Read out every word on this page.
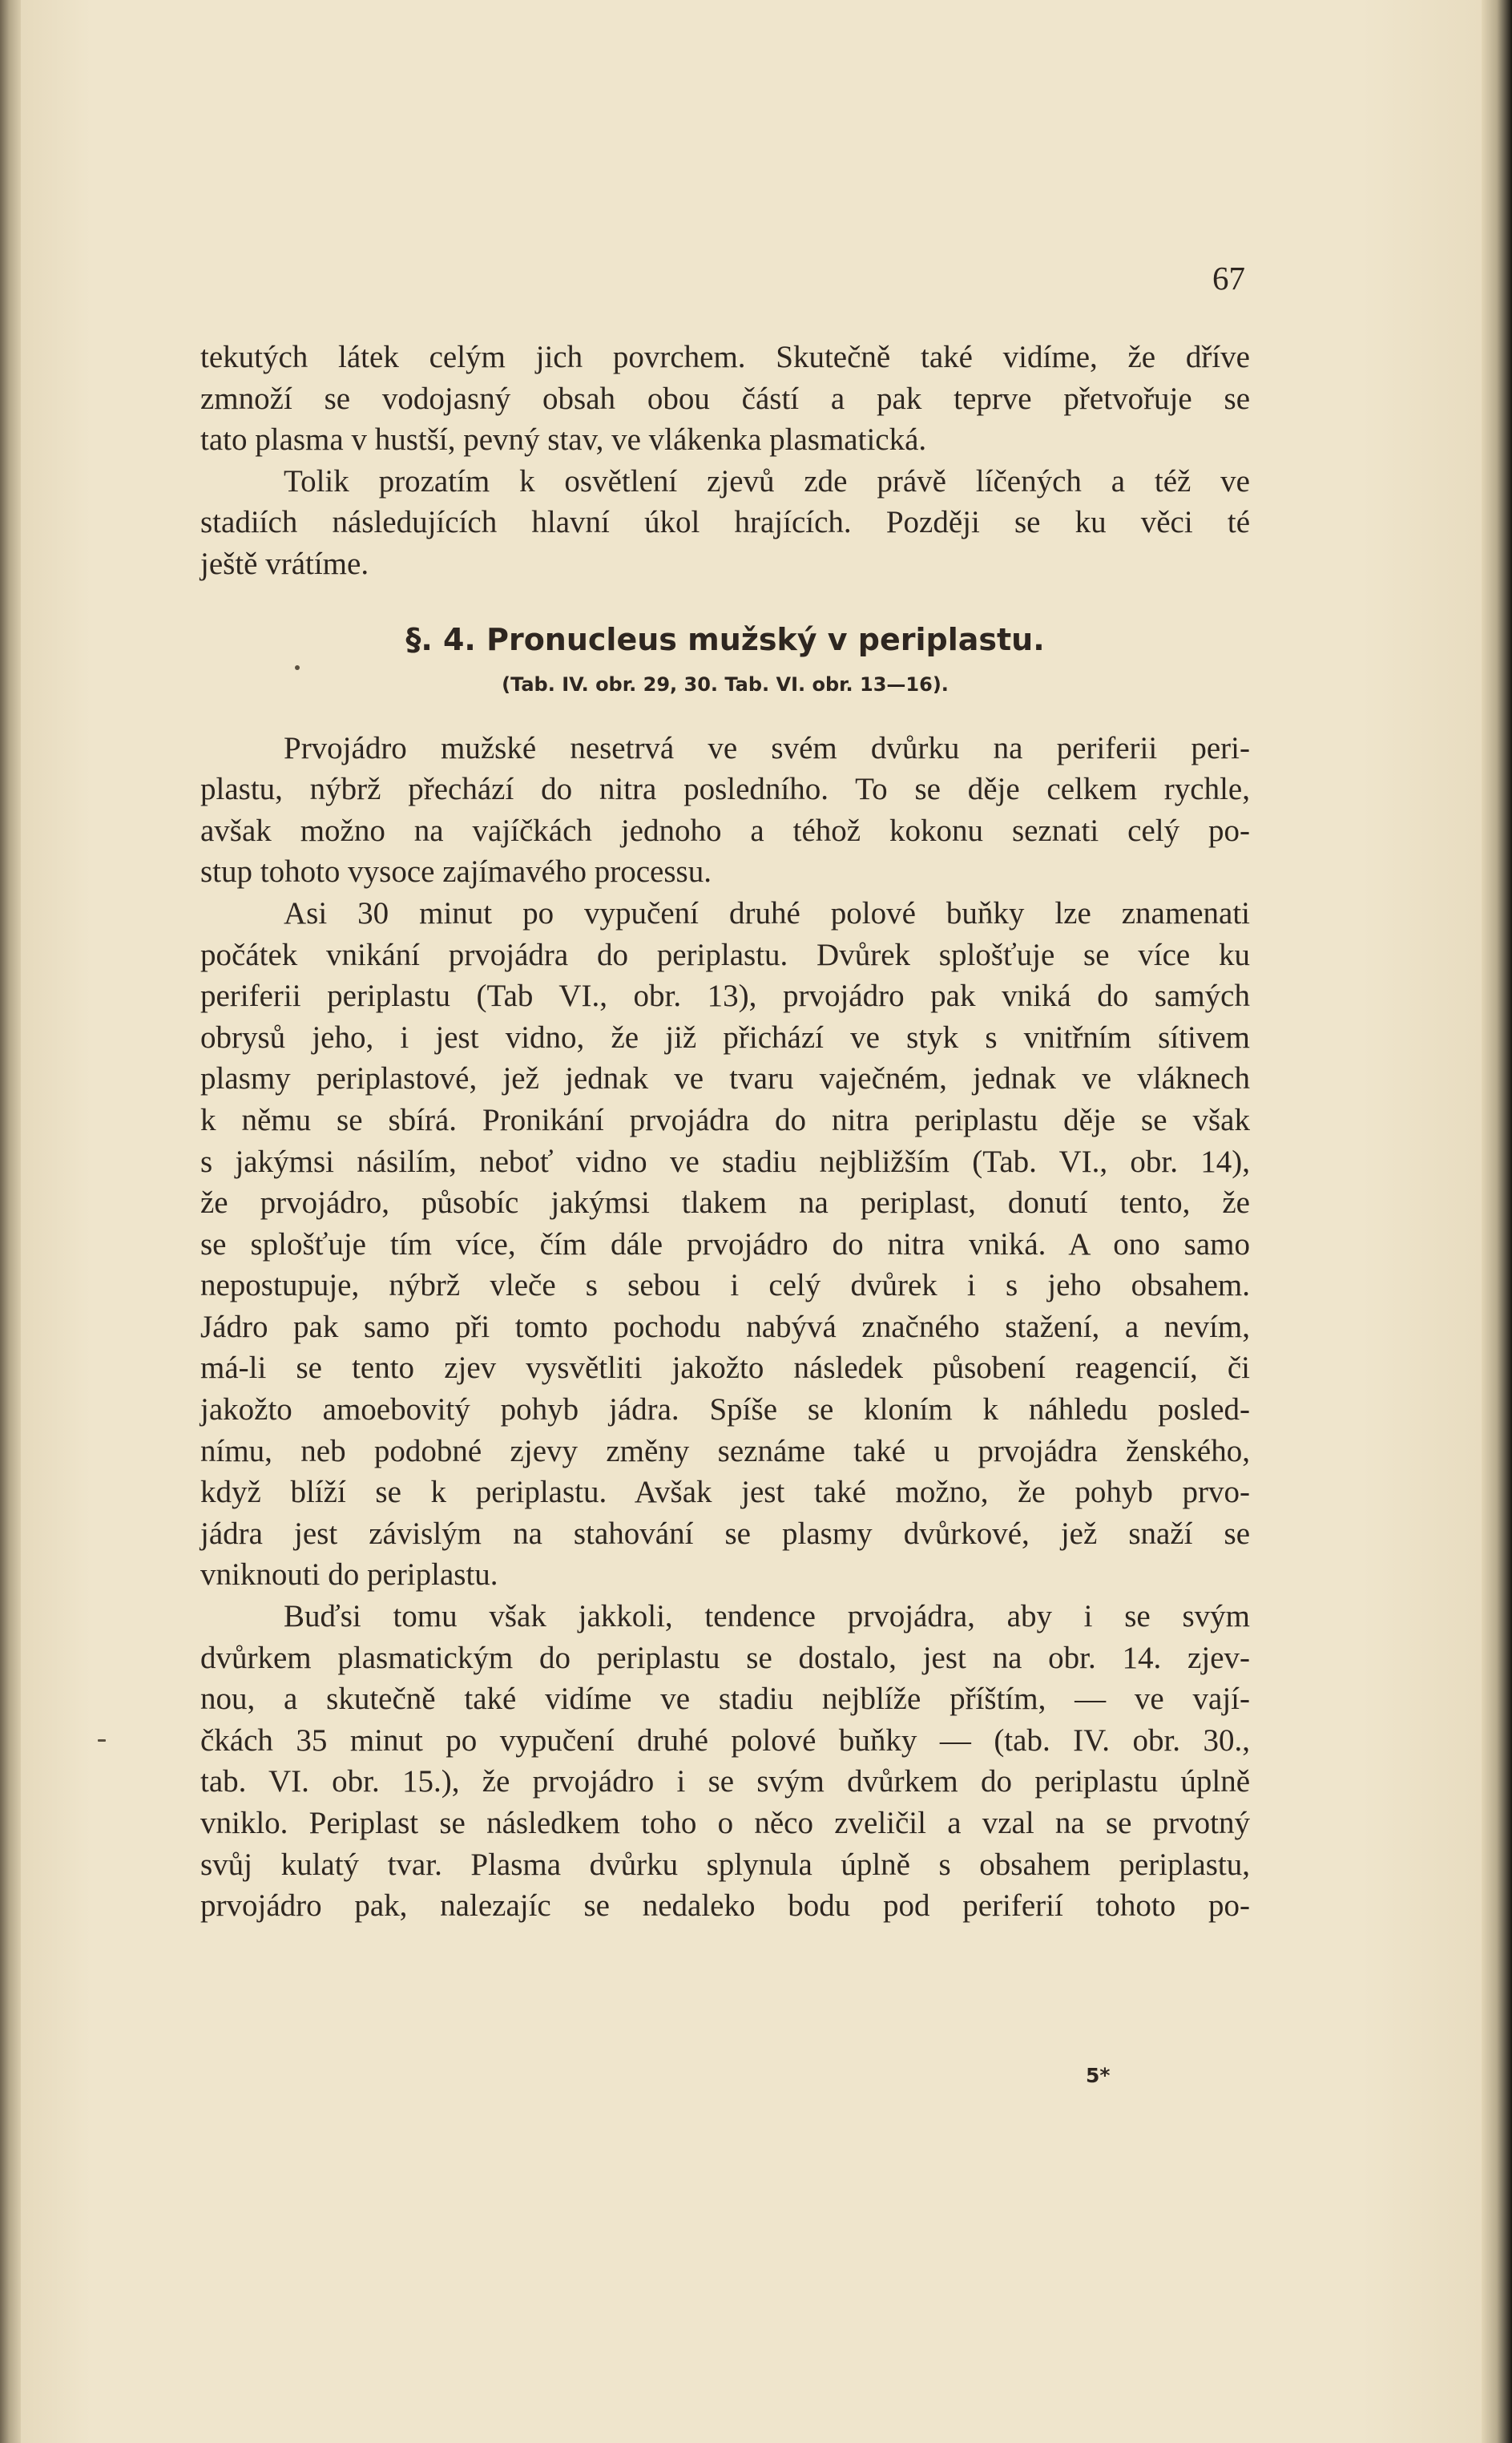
67
tekutých látek celým jich povrchem. Skutečně také vidíme, že dříve
zmnoží se vodojasný obsah obou částí a pak teprve přetvořuje se
tato plasma v hustší, pevný stav, ve vlákenka plasmatická.
Tolik prozatím k osvětlení zjevů zde právě líčených a též ve
stadiích následujících hlavní úkol hrajících. Později se ku věci té
ještě vrátíme.
§. 4. Pronucleus mužský v periplastu.
(Tab. IV. obr. 29, 30. Tab. VI. obr. 13—16).
Prvojádro mužské nesetrvá ve svém dvůrku na periferii peri-
plastu, nýbrž přechází do nitra posledního. To se děje celkem rychle,
avšak možno na vajíčkách jednoho a téhož kokonu seznati celý po-
stup tohoto vysoce zajímavého processu.
Asi 30 minut po vypučení druhé polové buňky lze znamenati
počátek vnikání prvojádra do periplastu. Dvůrek splošťuje se více ku
periferii periplastu (Tab VI., obr. 13), prvojádro pak vniká do samých
obrysů jeho, i jest vidno, že již přichází ve styk s vnitřním sítivem
plasmy periplastové, jež jednak ve tvaru vaječném, jednak ve vláknech
k němu se sbírá. Pronikání prvojádra do nitra periplastu děje se však
s jakýmsi násilím, neboť vidno ve stadiu nejbližším (Tab. VI., obr. 14),
že prvojádro, působíc jakýmsi tlakem na periplast, donutí tento, že
se splošťuje tím více, čím dále prvojádro do nitra vniká. A ono samo
nepostupuje, nýbrž vleče s sebou i celý dvůrek i s jeho obsahem.
Jádro pak samo při tomto pochodu nabývá značného stažení, a nevím,
má-li se tento zjev vysvětliti jakožto následek působení reagencií, či
jakožto amoebovitý pohyb jádra. Spíše se kloním k náhledu posled-
nímu, neb podobné zjevy změny seznáme také u prvojádra ženského,
když blíží se k periplastu. Avšak jest také možno, že pohyb prvo-
jádra jest závislým na stahování se plasmy dvůrkové, jež snaží se
vniknouti do periplastu.
Buďsi tomu však jakkoli, tendence prvojádra, aby i se svým
dvůrkem plasmatickým do periplastu se dostalo, jest na obr. 14. zjev-
nou, a skutečně také vidíme ve stadiu nejblíže příštím, — ve vají-
čkách 35 minut po vypučení druhé polové buňky — (tab. IV. obr. 30.,
tab. VI. obr. 15.), že prvojádro i se svým dvůrkem do periplastu úplně
vniklo. Periplast se následkem toho o něco zveličil a vzal na se prvotný
svůj kulatý tvar. Plasma dvůrku splynula úplně s obsahem periplastu,
prvojádro pak, nalezajíc se nedaleko bodu pod periferií tohoto po-
5*
